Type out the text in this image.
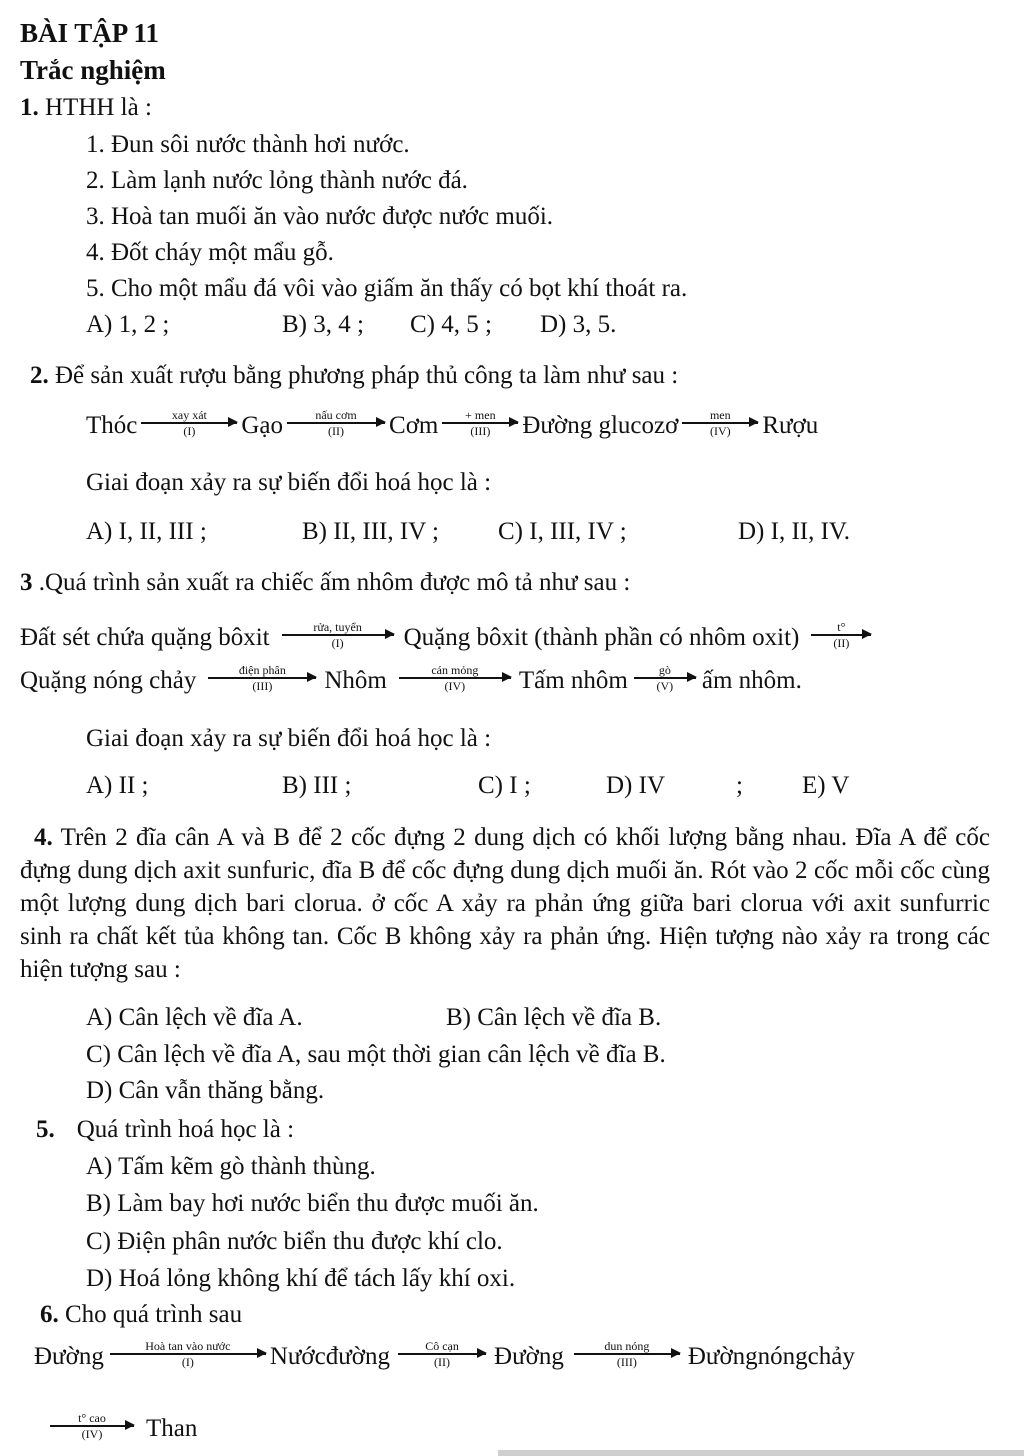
BÀI TẬP 11
Trắc nghiệm
1. HTHH là :
1. Đun sôi nước thành hơi nước.
2. Làm lạnh nước lỏng thành nước đá.
3. Hoà tan muối ăn vào nước được nước muối.
4. Đốt cháy một mẩu gỗ.
5. Cho một mẩu đá vôi vào giấm ăn thấy có bọt khí thoát ra.
A) 1, 2 ;	B) 3, 4 ; C) 4, 5 ; D) 3, 5.
2. Để sản xuất rượu bằng phương pháp thủ công ta làm như sau :
Thóc	xay xát
(I) Gạo	nấu cơm
(II) Cơm	+ men
(III) Đường glucozơ	men
(IV) Rượu
Giai đoạn xảy ra sự biến đổi hoá học là :
A) I, II, III ;	B) II, III, IV ; C) I, III, IV ;	D) I, II, IV.
3 .Quá trình sản xuất ra chiếc ấm nhôm được mô tả như sau :
Đất sét chứa quặng bôxit	rửa, tuyển
(I) Quặng bôxit (thành phần có nhôm oxit)	t°
(II)
Quặng nóng chảy	điện phân
(III) Nhôm	cán mỏng
(IV) Tấm nhôm	gò
(V) ấm nhôm.
Giai đoạn xảy ra sự biến đổi hoá học là :
A) II ;	B) III ;	C) I ;	D) IV	; E) V
4. Trên 2 đĩa cân A và B để 2 cốc đựng 2 dung dịch có khối lượng bằng nhau. Đĩa A để cốc đựng dung dịch axit sunfuric, đĩa B để cốc đựng dung dịch muối ăn. Rót vào 2 cốc mỗi cốc cùng một lượng dung dịch bari clorua. ở cốc A xảy ra phản ứng giữa bari clorua với axit sunfurric sinh ra chất kết tủa không tan. Cốc B không xảy ra phản ứng. Hiện tượng nào xảy ra trong các hiện tượng sau :
A) Cân lệch về đĩa A.	B) Cân lệch về đĩa B.
C) Cân lệch về đĩa A, sau một thời gian cân lệch về đĩa B.
D) Cân vẫn thăng bằng.
5. Quá trình hoá học là :
A) Tấm kẽm gò thành thùng.
B) Làm bay hơi nước biển thu được muối ăn.
C) Điện phân nước biển thu được khí clo.
D) Hoá lỏng không khí để tách lấy khí oxi.
6. Cho quá trình sau
Đường	Hoà tan vào nước
(I)	Nướcđường	Cô cạn
(II) Đường	dun nóng
(III) Đườngnóngchảy
t° cao
(IV) Than
